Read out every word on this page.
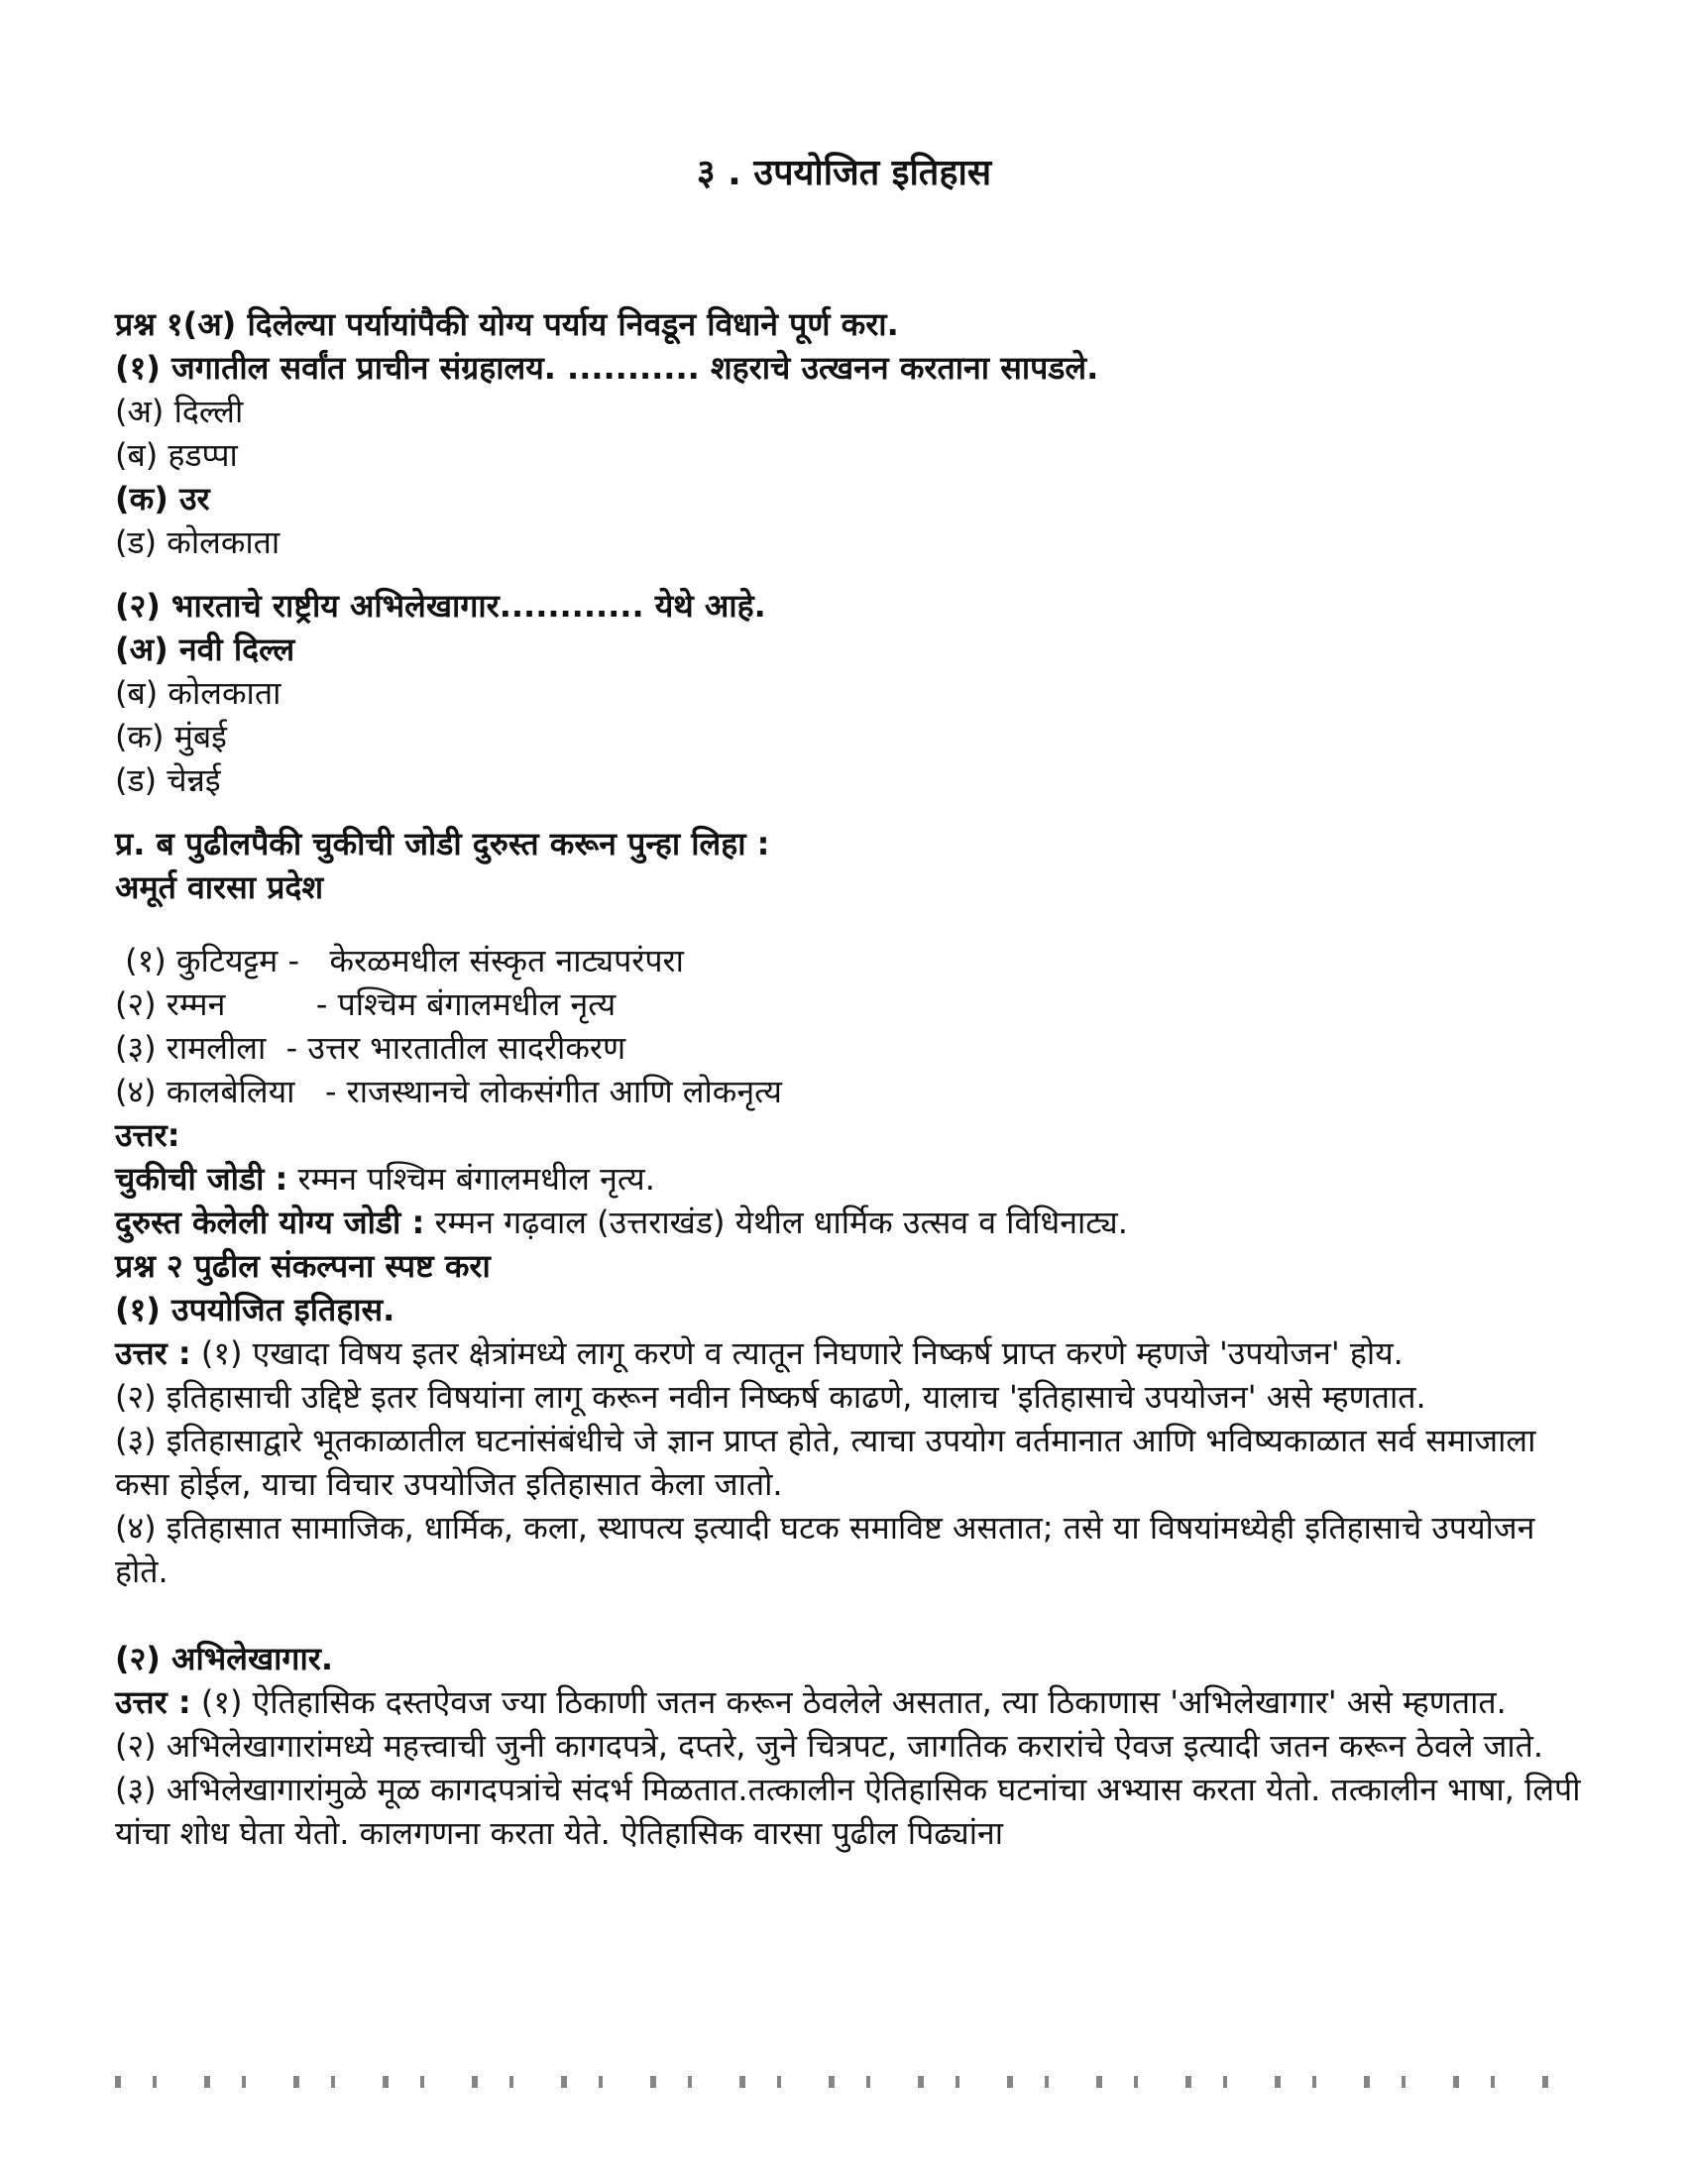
३ . उपयोजित इतिहास

प्रश्न १(अ) दिलेल्या पर्यायांपैकी योग्य पर्याय निवडून विधाने पूर्ण करा.

(१) जगातील सर्वांत प्राचीन संग्रहालय. ........... शहराचे उत्खनन करताना सापडले.

(अ) दिल्ली

(ब) हडप्पा

(क) उर

(ड) कोलकाता

(२) भारताचे राष्ट्रीय अभिलेखागार............ येथे आहे.

(अ) नवी दिल्ल

(ब) कोलकाता

(क) मुंबई

(ड) चेन्नई

प्र. ब पुढीलपैकी चुकीची जोडी दुरुस्त करून पुन्हा लिहा :

अमूर्त वारसा प्रदेश

(१) कुटियट्टम -   केरळमधील संस्कृत नाट्यपरंपरा

(२) रम्मन         - पश्चिम बंगालमधील नृत्य

(३) रामलीला  - उत्तर भारतातील सादरीकरण

(४) कालबेलिया   - राजस्थानचे लोकसंगीत आणि लोकनृत्य

उत्तर:

चुकीची जोडी : रम्मन पश्चिम बंगालमधील नृत्य.

दुरुस्त केलेली योग्य जोडी : रम्मन गढ़वाल (उत्तराखंड) येथील धार्मिक उत्सव व विधिनाट्य.

प्रश्न २ पुढील संकल्पना स्पष्ट करा

(१) उपयोजित इतिहास.

उत्तर : (१) एखादा विषय इतर क्षेत्रांमध्ये लागू करणे व त्यातून निघणारे निष्कर्ष प्राप्त करणे म्हणजे 'उपयोजन' होय.

(२) इतिहासाची उद्दिष्टे इतर विषयांना लागू करून नवीन निष्कर्ष काढणे, यालाच 'इतिहासाचे उपयोजन' असे म्हणतात.

(३) इतिहासाद्वारे भूतकाळातील घटनांसंबंधीचे जे ज्ञान प्राप्त होते, त्याचा उपयोग वर्तमानात आणि भविष्यकाळात सर्व समाजाला कसा होईल, याचा विचार उपयोजित इतिहासात केला जातो.

(४) इतिहासात सामाजिक, धार्मिक, कला, स्थापत्य इत्यादी घटक समाविष्ट असतात; तसे या विषयांमध्येही इतिहासाचे उपयोजन होते.

(२) अभिलेखागार.

उत्तर : (१) ऐतिहासिक दस्तऐवज ज्या ठिकाणी जतन करून ठेवलेले असतात, त्या ठिकाणास 'अभिलेखागार' असे म्हणतात.

(२) अभिलेखागारांमध्ये महत्त्वाची जुनी कागदपत्रे, दप्तरे, जुने चित्रपट, जागतिक करारांचे ऐवज इत्यादी जतन करून ठेवले जाते.

(३) अभिलेखागारांमुळे मूळ कागदपत्रांचे संदर्भ मिळतात.तत्कालीन ऐतिहासिक घटनांचा अभ्यास करता येतो. तत्कालीन भाषा, लिपी यांचा शोध घेता येतो. कालगणना करता येते. ऐतिहासिक वारसा पुढील पिढ्यांना
